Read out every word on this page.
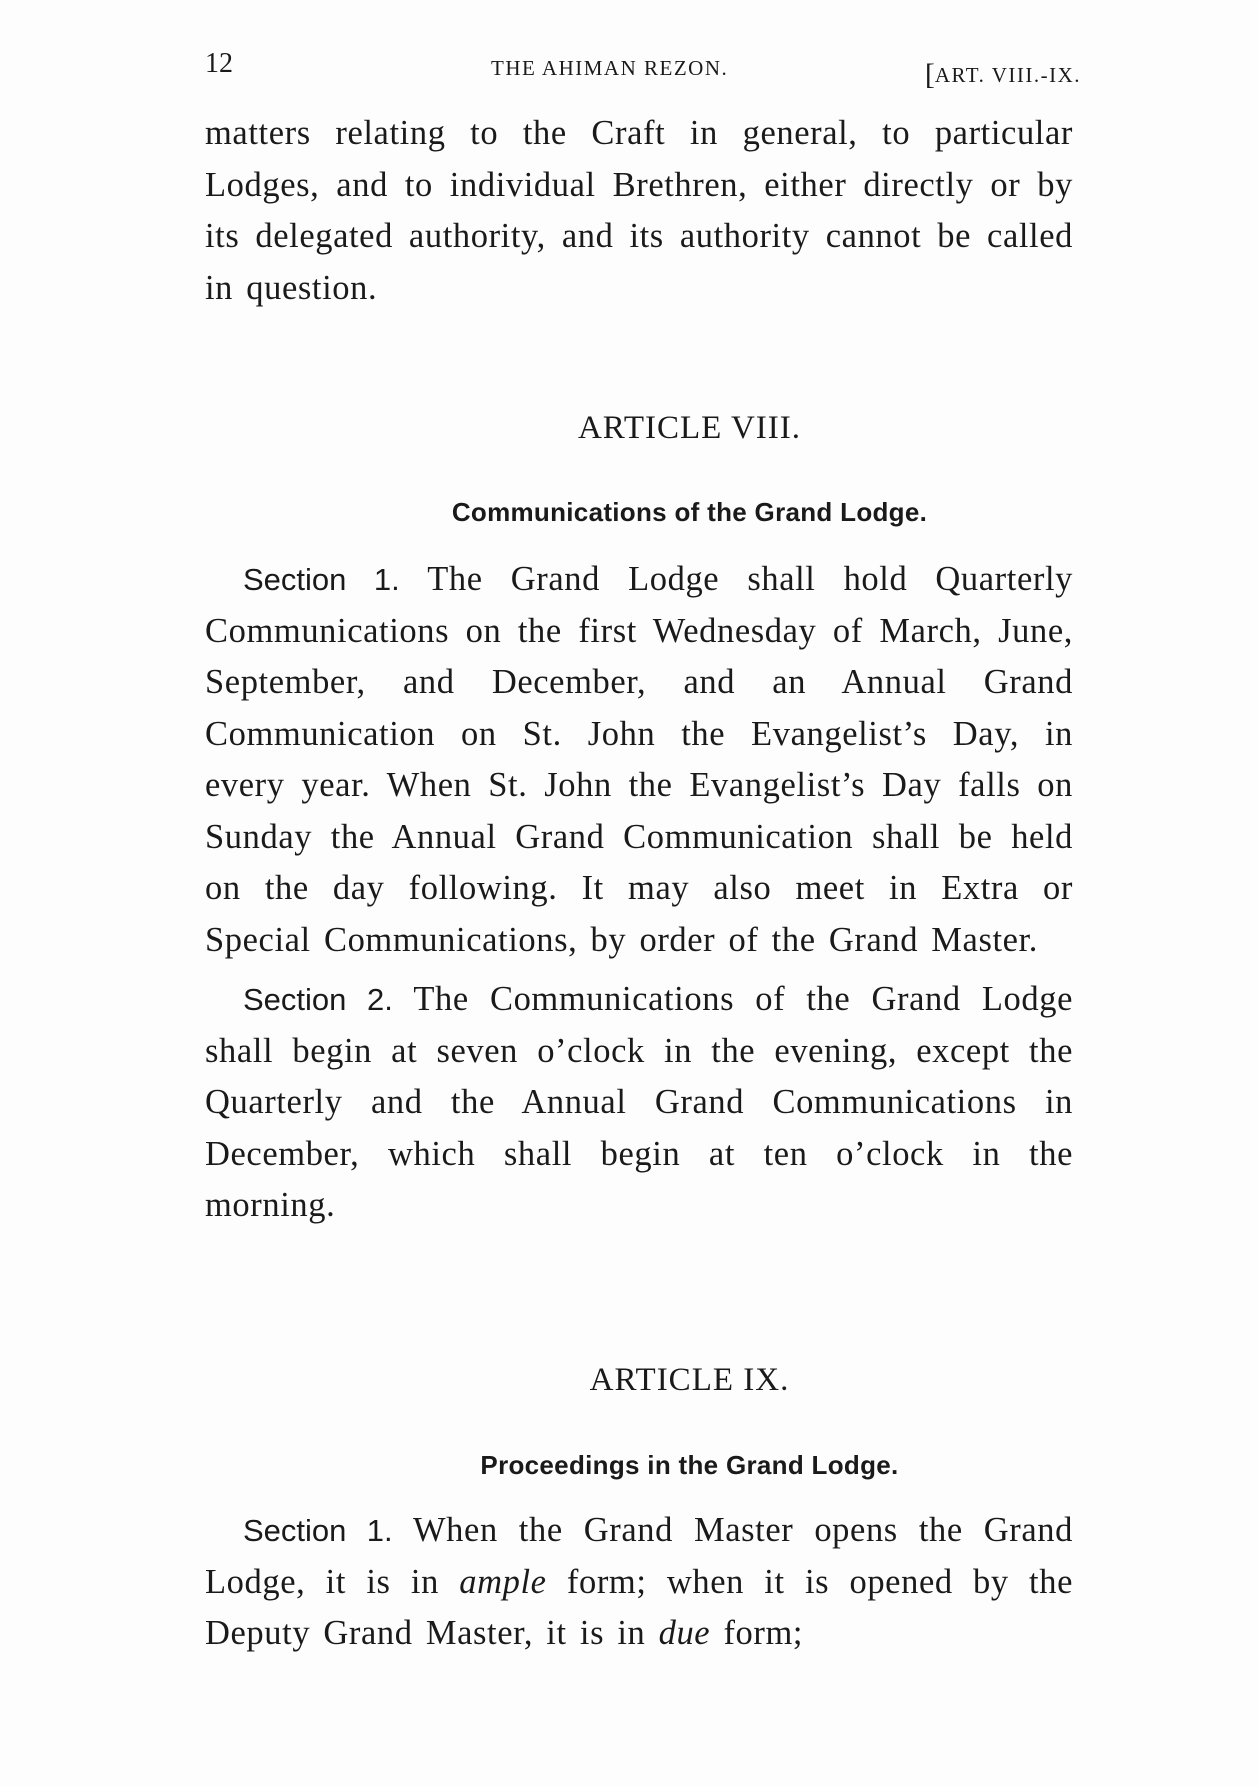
12	THE AHIMAN REZON.	[ART. VIII.-IX.

matters relating to the Craft in general, to particular Lodges, and to individual Brethren, either directly or by its delegated authority, and its authority cannot be called in question.

ARTICLE VIII.
Communications of the Grand Lodge.

Section 1. The Grand Lodge shall hold Quarterly Communications on the first Wednesday of March, June, September, and December, and an Annual Grand Communication on St. John the Evangelist’s Day, in every year. When St. John the Evangelist’s Day falls on Sunday the Annual Grand Communication shall be held on the day following. It may also meet in Extra or Special Communications, by order of the Grand Master.

Section 2. The Communications of the Grand Lodge shall begin at seven o’clock in the evening, except the Quarterly and the Annual Grand Communications in December, which shall begin at ten o’clock in the morning.

ARTICLE IX.
Proceedings in the Grand Lodge.

Section 1. When the Grand Master opens the Grand Lodge, it is in ample form; when it is opened by the Deputy Grand Master, it is in due form;
